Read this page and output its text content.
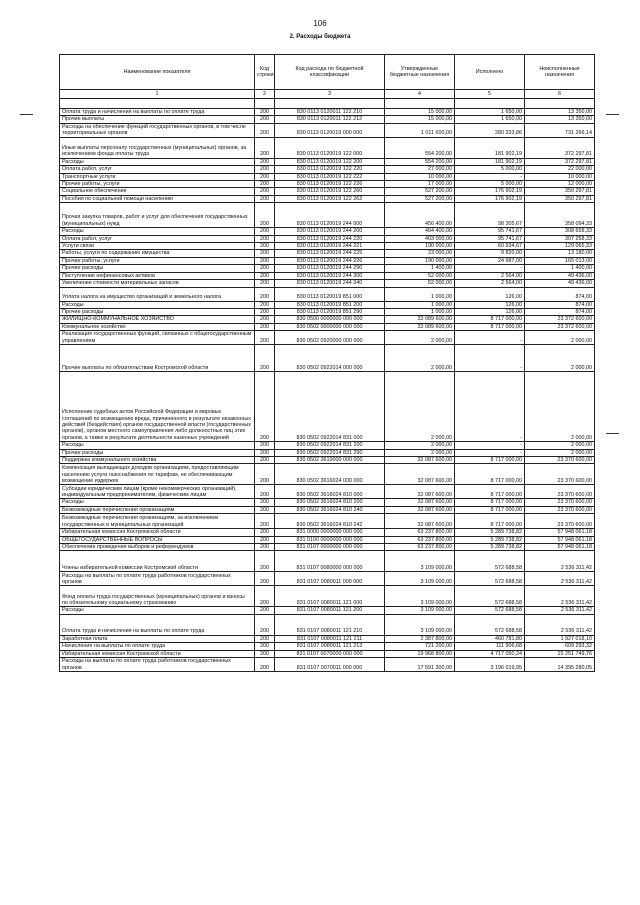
106
2. Расходы бюджета
Наименование показателя	Код строки	Код расхода по бюджетной классификации	Утвержденные бюджетные назначения	Исполнено	Неисполненные назначения
1	2	3	4	5	6

Оплата труда и начисления на выплаты по оплате труда	200	830 0113 0120011 122 210	15 000,00	1 650,00	13 350,00
Прочие выплаты	200	830 0113 0120011 122 212	15 000,00	1 650,00	13 350,00
Расходы на обеспечение функций государственных органов, в том числе территориальных органов	200	830 0113 0120019 000 000	1 011 600,00	280 333,86	731 266,14
Иные выплаты персоналу государственных (муниципальных) органов, за исключением фонда оплаты труда	200	830 0113 0120019 122 000	554 200,00	181 902,19	372 297,81
Расходы	200	830 0113 0120019 122 200	554 200,00	181 902,19	372 297,81
Оплата работ, услуг	200	830 0113 0120019 122 220	27 000,00	5 000,00	22 000,00
Транспортные услуги	200	830 0113 0120019 122 222	10 000,00	-	10 000,00
Прочие работы, услуги	200	830 0113 0120019 122 226	17 000,00	5 000,00	12 000,00
Социальное обеспечение	200	830 0113 0120019 122 260	527 200,00	176 902,19	350 297,81
Пособия по социальной помощи населению	200	830 0113 0120019 122 262	527 200,00	176 902,19	350 297,81
Прочая закупка товаров, работ и услуг для обеспечения государственных (муниципальных) нужд	200	830 0113 0120019 244 000	456 400,00	98 305,67	358 094,33
Расходы	200	830 0113 0120019 244 200	404 400,00	95 741,67	308 658,33
Оплата работ, услуг	200	830 0113 0120019 244 220	403 000,00	95 741,67	307 258,33
Услуги связи	200	830 0113 0120019 244 221	190 000,00	60 934,67	129 065,33
Работы, услуги по содержанию имущества	200	830 0113 0120019 244 225	23 000,00	9 820,00	13 180,00
Прочие работы, услуги	200	830 0113 0120019 244 226	190 000,00	24 987,00	165 013,00
Прочие расходы	200	830 0113 0120019 244 290	1 400,00	-	1 400,00
Поступление нефинансовых активов	200	830 0113 0120019 244 300	52 000,00	2 564,00	49 436,00
Увеличение стоимости материальных запасов	200	830 0113 0120019 244 340	52 000,00	2 564,00	49 436,00
Уплата налога на имущество организаций и земельного налога	200	830 0113 0120019 851 000	1 000,00	126,00	874,00
Расходы	200	830 0113 0120019 851 200	1 000,00	126,00	874,00
Прочие расходы	200	830 0113 0120019 851 290	1 000,00	126,00	874,00
ЖИЛИЩНО-КОММУНАЛЬНОЕ ХОЗЯЙСТВО	200	830 0500 0000000 000 000	32 089 600,00	8 717 000,00	23 372 600,00
Коммунальное хозяйство	200	830 0502 0000000 000 000	32 089 600,00	8 717 000,00	23 372 600,00
Реализация государственных функций, связанных с общегосударственным управлением	200	830 0502 0920000 000 000	2 000,00	-	2 000,00
Прочие выплаты по обязательствам Костромской области	200	830 0502 0922014 000 000	2 000,00	-	2 000,00
Исполнение судебных актов Российской Федерации и мировых соглашений по возмещению вреда, причиненного в результате незаконных действий (бездействия) органов государственной власти (государственных органов), органов местного самоуправления либо должностных лиц этих органов, а также в результате деятельности казенных учреждений	200	830 0502 0922014 831 000	2 000,00	-	2 000,00
Расходы	200	830 0502 0922014 831 200	2 000,00	-	2 000,00
Прочие расходы	200	830 0502 0922014 831 290	2 000,00	-	2 000,00
Поддержка коммунального хозяйства	200	830 0502 3610000 000 000	32 087 600,00	8 717 000,00	23 370 600,00
Компенсация выпадающих доходов организациям, предоставляющим населению услуги газоснабжения по тарифам, не обеспечивающим возмещение издержек	200	830 0502 3616024 000 000	32 087 600,00	8 717 000,00	23 370 600,00
Субсидии юридическим лицам (кроме некоммерческих организаций), индивидуальным предпринимателям, физическим лицам	200	830 0502 3616024 810 000	32 087 600,00	8 717 000,00	23 370 600,00
Расходы	200	830 0502 3616024 810 200	32 087 600,00	8 717 000,00	23 370 600,00
Безвозмездные перечисления организациям	200	830 0502 3616024 810 240	32 087 600,00	8 717 000,00	23 370 600,00
Безвозмездные перечисления организациям, за исключением государственных и муниципальных организаций	200	830 0502 3616024 810 242	32 087 600,00	8 717 000,00	23 370 600,00
Избирательная комиссия Костромской области	200	831 0000 0000000 000 000	63 237 800,00	5 289 738,82	57 948 061,18
ОБЩЕГОСУДАРСТВЕННЫЕ ВОПРОСЫ	200	831 0100 0000000 000 000	63 237 800,00	5 289 738,82	57 948 061,18
Обеспечение проведения выборов и референдумов	200	831 0107 0000000 000 000	63 237 800,00	5 289 738,82	57 948 061,18
Члены избирательной комиссии Костромской области	200	831 0107 0080000 000 000	3 109 000,00	572 688,58	2 536 311,42
Расходы на выплаты по оплате труда работников государственных органов	200	831 0107 0080011 000 000	3 109 000,00	572 688,58	2 536 311,42
Фонд оплаты труда государственных (муниципальных) органов и взносы по обязательному социальному страхованию	200	831 0107 0080011 121 000	3 109 000,00	572 688,58	2 536 311,42
Расходы	200	831 0107 0080011 121 200	3 109 000,00	572 688,58	2 536 311,42
Оплата труда и начисления на выплаты по оплате труда	200	831 0107 0080011 121 210	3 109 000,00	572 688,58	2 536 311,42
Заработная плата	200	831 0107 0080011 121 211	2 387 800,00	460 781,80	1 927 018,10
Начисления на выплаты по оплате труда	200	831 0107 0080011 121 213	721 200,00	111 906,68	609 293,32
Избирательная комиссия Костромской области	200	831 0107 0070000 000 000	19 968 800,00	4 717 050,24	15 251 749,76
Расходы на выплаты по оплате труда работников государственных органов	200	831 0107 0070011 000 000	17 591 300,00	3 196 019,95	14 395 280,05
